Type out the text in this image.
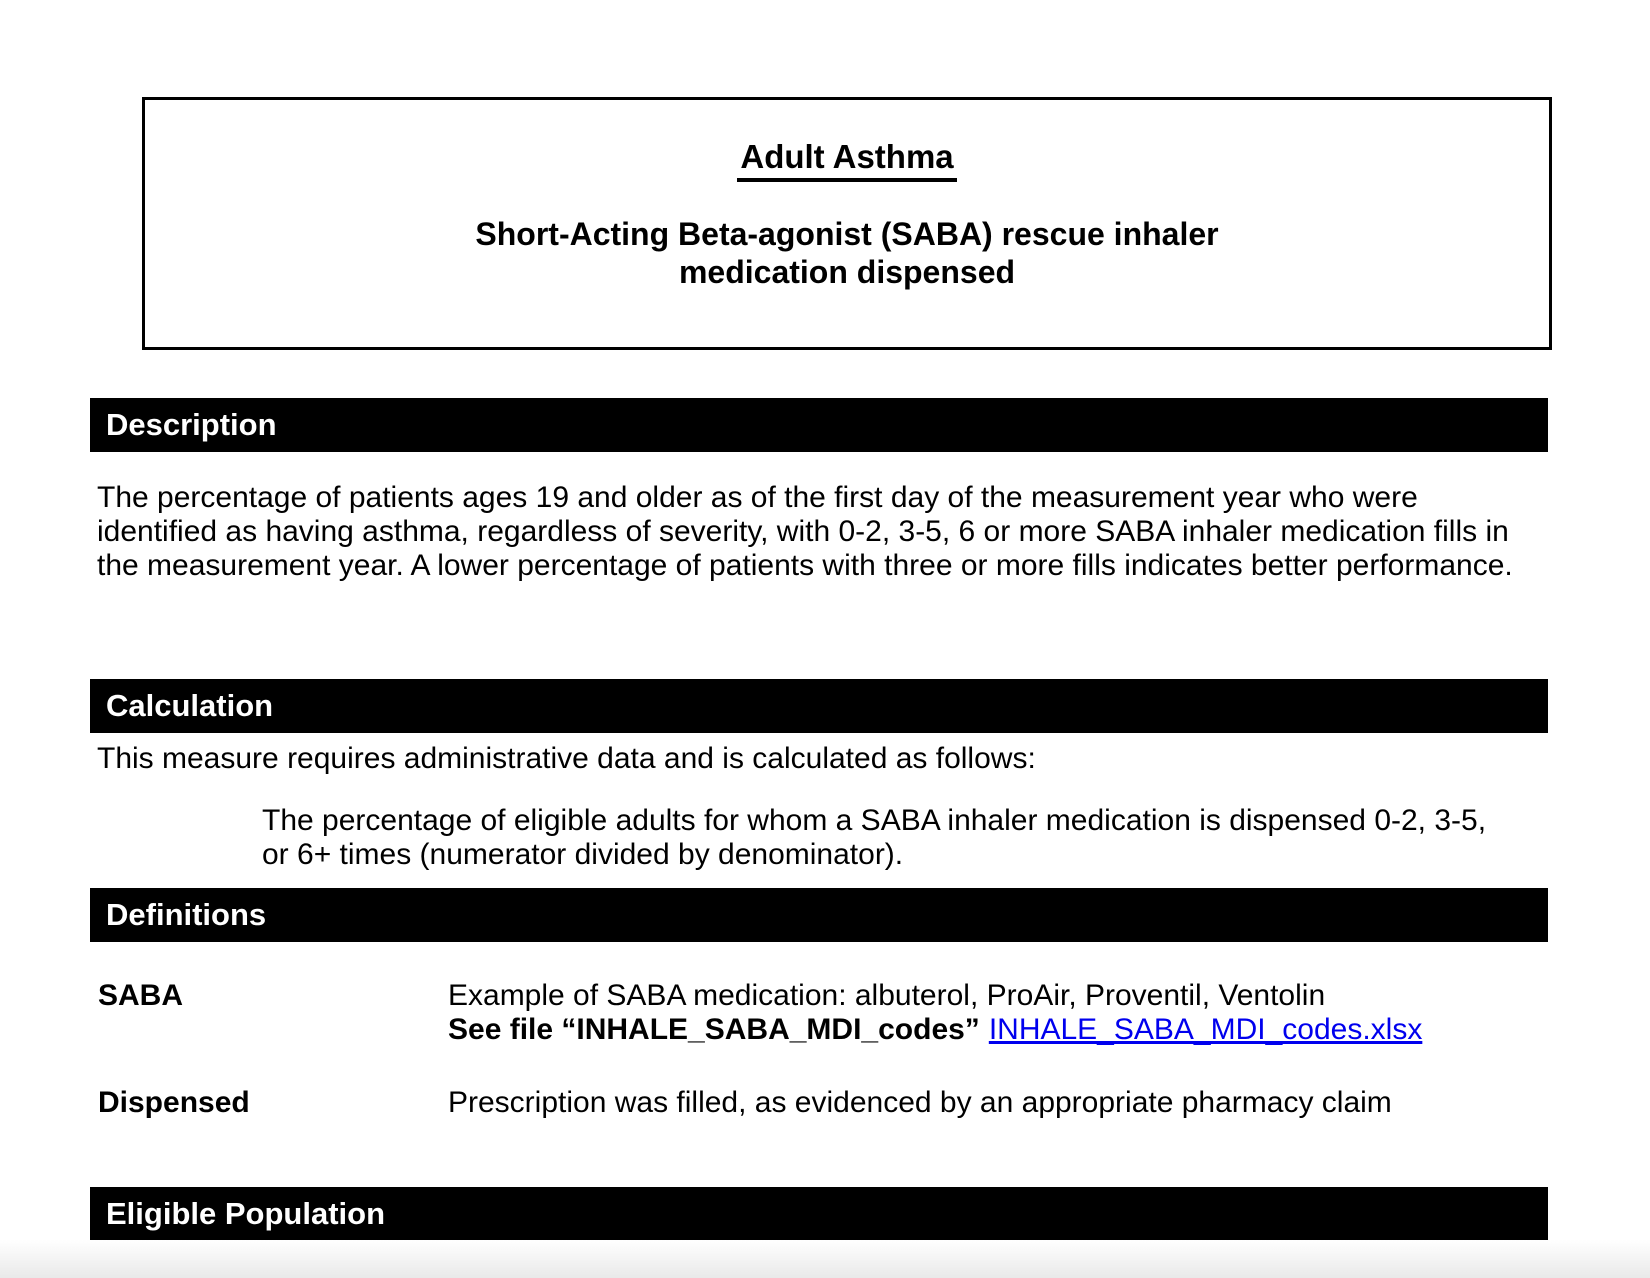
Adult Asthma
Short-Acting Beta-agonist (SABA) rescue inhaler
medication dispensed
Description
The percentage of patients ages 19 and older as of the first day of the measurement year who were identified as having asthma, regardless of severity, with 0-2, 3-5, 6 or more SABA inhaler medication fills in the measurement year. A lower percentage of patients with three or more fills indicates better performance.
Calculation
This measure requires administrative data and is calculated as follows:
The percentage of eligible adults for whom a SABA inhaler medication is dispensed 0-2, 3-5,
or 6+ times (numerator divided by denominator).
Definitions
SABA	Example of SABA medication: albuterol, ProAir, Proventil, Ventolin
See file “INHALE_SABA_MDI_codes” INHALE_SABA_MDI_codes.xlsx
Dispensed	Prescription was filled, as evidenced by an appropriate pharmacy claim
Eligible Population
